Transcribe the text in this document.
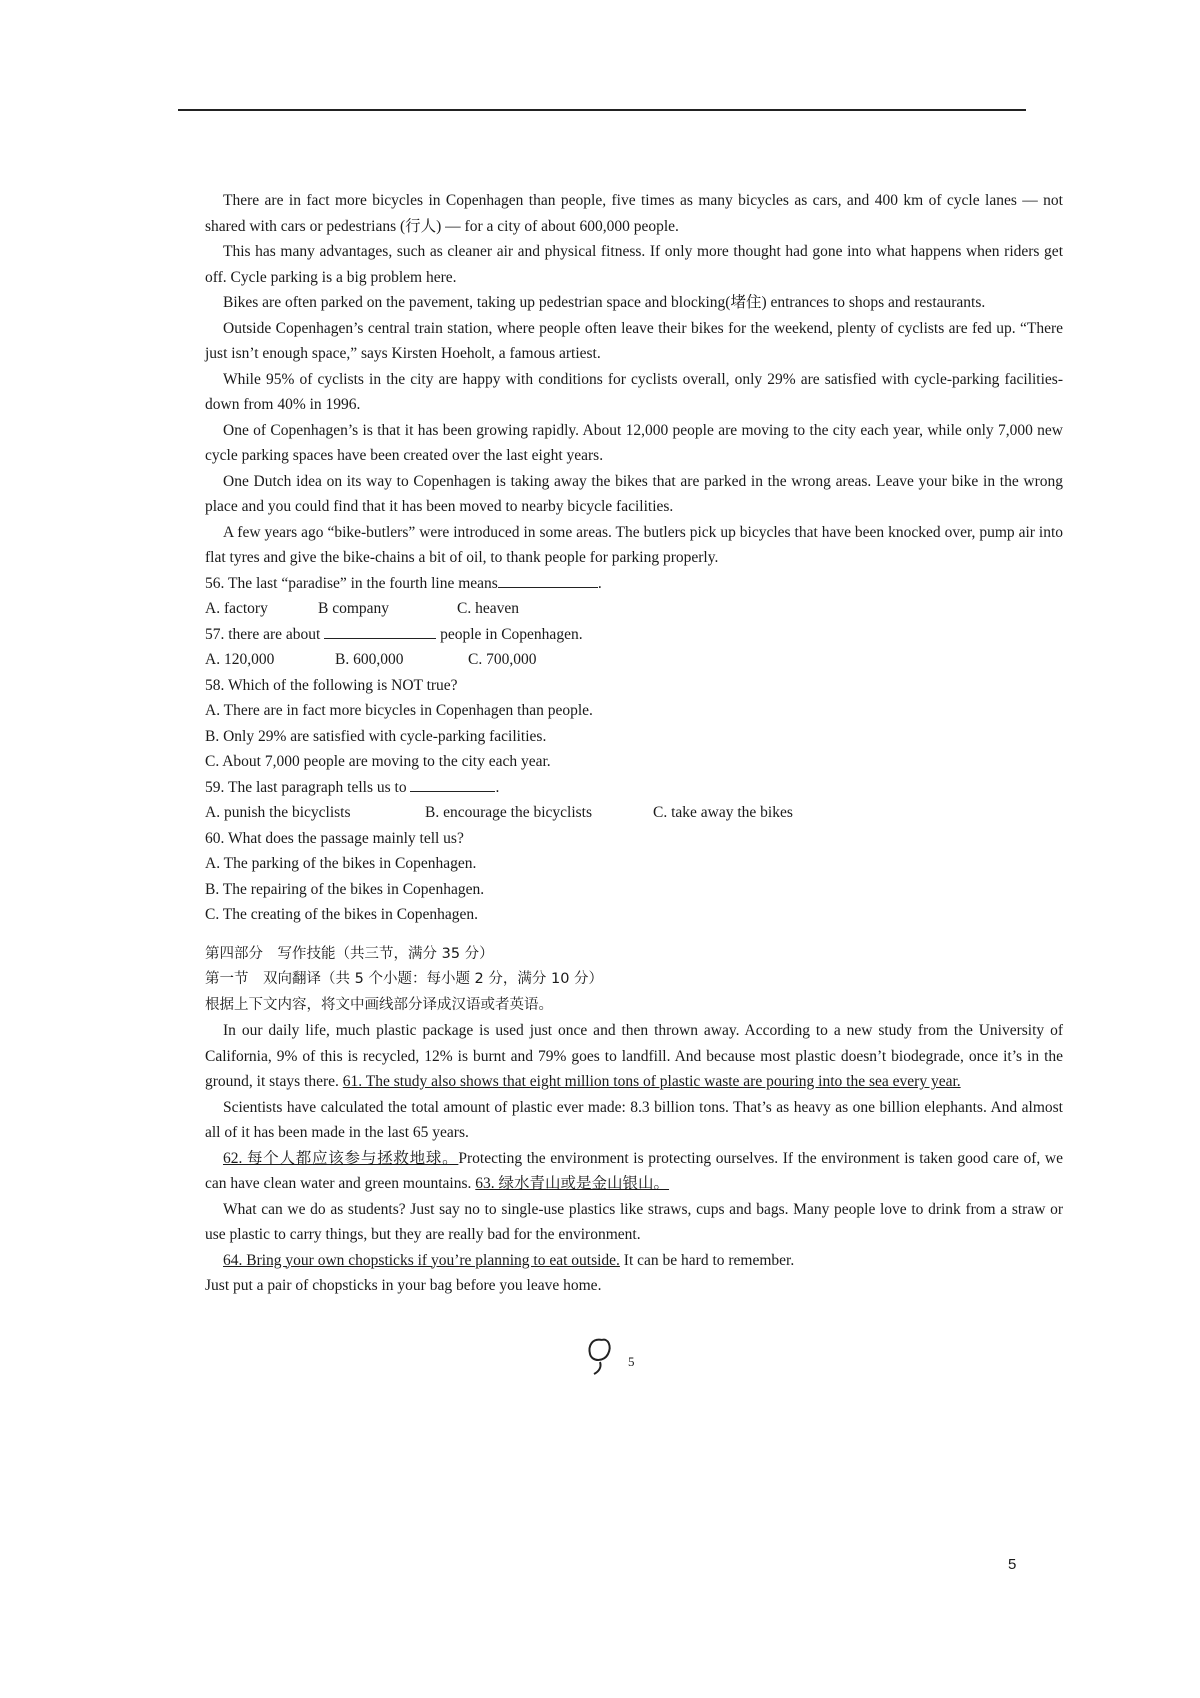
There are in fact more bicycles in Copenhagen than people, five times as many bicycles as cars, and 400 km of cycle lanes — not shared with cars or pedestrians (行人) — for a city of about 600,000 people.

This has many advantages, such as cleaner air and physical fitness. If only more thought had gone into what happens when riders get off. Cycle parking is a big problem here.

Bikes are often parked on the pavement, taking up pedestrian space and blocking(堵住) entrances to shops and restaurants.

Outside Copenhagen’s central train station, where people often leave their bikes for the weekend, plenty of cyclists are fed up. “There just isn’t enough space,” says Kirsten Hoeholt, a famous artiest.

While 95% of cyclists in the city are happy with conditions for cyclists overall, only 29% are satisfied with cycle-parking facilities-down from 40% in 1996.

One of Copenhagen’s is that it has been growing rapidly. About 12,000 people are moving to the city each year, while only 7,000 new cycle parking spaces have been created over the last eight years.

One Dutch idea on its way to Copenhagen is taking away the bikes that are parked in the wrong areas. Leave your bike in the wrong place and you could find that it has been moved to nearby bicycle facilities.

A few years ago “bike-butlers” were introduced in some areas. The butlers pick up bicycles that have been knocked over, pump air into flat tyres and give the bike-chains a bit of oil, to thank people for parking properly.

56. The last “paradise” in the fourth line means	.

A. factory	B company	C. heaven

57. there are about	people in Copenhagen.

A. 120,000	B. 600,000	C. 700,000

58. Which of the following is NOT true?

A. There are in fact more bicycles in Copenhagen than people.

B. Only 29% are satisfied with cycle-parking facilities.

C. About 7,000 people are moving to the city each year.

59. The last paragraph tells us to	.

A. punish the bicyclists	B. encourage the bicyclists	C. take away the bikes

60. What does the passage mainly tell us?

A. The parking of the bikes in Copenhagen.

B. The repairing of the bikes in Copenhagen.

C. The creating of the bikes in Copenhagen.

第四部分　写作技能（共三节，满分 35 分）

第一节　双向翻译（共 5 个小题：每小题 2 分，满分 10 分）

根据上下文内容，将文中画线部分译成汉语或者英语。

In our daily life, much plastic package is used just once and then thrown away. According to a new study from the University of California, 9% of this is recycled, 12% is burnt and 79% goes to landfill. And because most plastic doesn’t biodegrade, once it’s in the ground, it stays there. 61. The study also shows that eight million tons of plastic waste are pouring into the sea every year.

Scientists have calculated the total amount of plastic ever made: 8.3 billion tons. That’s as heavy as one billion elephants. And almost all of it has been made in the last 65 years.

62. 每个人都应该参与拯救地球。Protecting the environment is protecting ourselves. If the environment is taken good care of, we can have clean water and green mountains. 63. 绿水青山或是金山银山。

What can we do as students? Just say no to single-use plastics like straws, cups and bags. Many people love to drink from a straw or use plastic to carry things, but they are really bad for the environment.

64. Bring your own chopsticks if you’re planning to eat outside. It can be hard to remember.

Just put a pair of chopsticks in your bag before you leave home.

5
5
